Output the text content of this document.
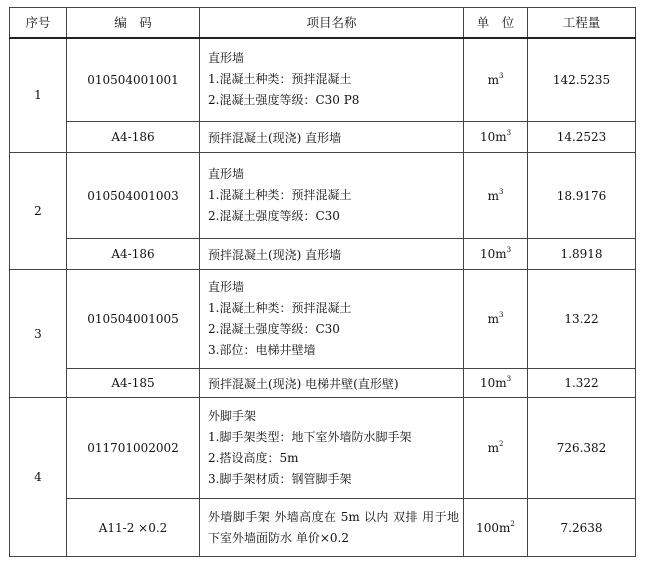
序号	编　码	项目名称	单　位	工程量
1	010504001001	直形墙
1.混凝土种类：预拌混凝土
2.混凝土强度等级：C30 P8	$m^3$	142.5235
	A4-186	预拌混凝土(现浇) 直形墙	$10m^3$	14.2523
2	010504001003	直形墙
1.混凝土种类：预拌混凝土
2.混凝土强度等级：C30	$m^3$	18.9176
	A4-186	预拌混凝土(现浇) 直形墙	$10m^3$	1.8918
3	010504001005	直形墙
1.混凝土种类：预拌混凝土
2.混凝土强度等级：C30
3.部位：电梯井壁墙	$m^3$	13.22
	A4-185	预拌混凝土(现浇) 电梯井壁(直形壁)	$10m^3$	1.322
4	011701002002	外脚手架
1.脚手架类型：地下室外墙防水脚手架
2.搭设高度：5m
3.脚手架材质：钢管脚手架	$m^2$	726.382
	A11-2 ×0.2	外墙脚手架 外墙高度在 5m 以内 双排 用于地下室外墙面防水 单价×0.2	$100m^2$	7.2638
